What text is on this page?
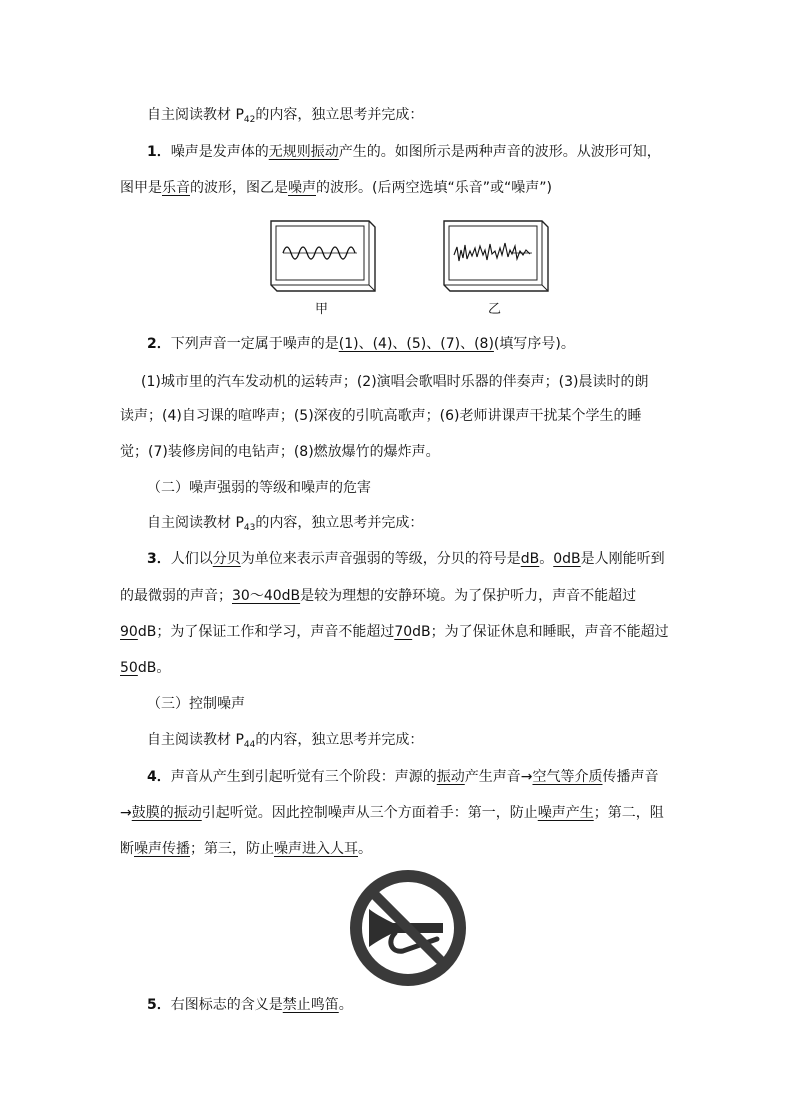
自主阅读教材 $P_{42}$的内容，独立思考并完成：
1．噪声是发声体的无规则振动产生的。如图所示是两种声音的波形。从波形可知，
图甲是乐音的波形，图乙是噪声的波形。(后两空选填“乐音”或“噪声”)
甲	乙
2．下列声音一定属于噪声的是(1)、(4)、(5)、(7)、(8)(填写序号)。
(1)城市里的汽车发动机的运转声；(2)演唱会歌唱时乐器的伴奏声；(3)晨读时的朗
读声；(4)自习课的喧哗声；(5)深夜的引吭高歌声；(6)老师讲课声干扰某个学生的睡
觉；(7)装修房间的电钻声；(8)燃放爆竹的爆炸声。
（二）噪声强弱的等级和噪声的危害
自主阅读教材 $P_{43}$的内容，独立思考并完成：
3．人们以分贝为单位来表示声音强弱的等级，分贝的符号是dB。0dB是人刚能听到
的最微弱的声音；30～40dB是较为理想的安静环境。为了保护听力，声音不能超过
90dB；为了保证工作和学习，声音不能超过70dB；为了保证休息和睡眠，声音不能超过
50dB。
（三）控制噪声
自主阅读教材 $P_{44}$的内容，独立思考并完成：
4．声音从产生到引起听觉有三个阶段：声源的振动产生声音→空气等介质传播声音
→鼓膜的振动引起听觉。因此控制噪声从三个方面着手：第一，防止噪声产生；第二，阻
断噪声传播；第三，防止噪声进入人耳。
5．右图标志的含义是禁止鸣笛。
